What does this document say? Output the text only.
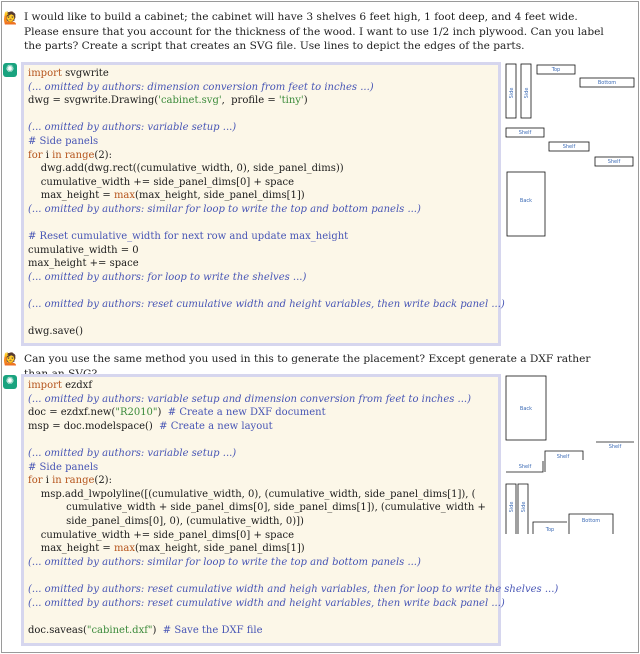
🙋 I would like to build a cabinet; the cabinet will have 3 shelves 6 feet high, 1 foot deep, and 4 feet wide. Please ensure that you account for the thickness of the wood. I want to use 1/2 inch plywood. Can you label the parts? Create a script that creates an SVG file. Use lines to depict the edges of the parts.
✺ import svgwrite
(... omitted by authors: dimension conversion from feet to inches ...)
dwg = svgwrite.Drawing('cabinet.svg',  profile = 'tiny')

(... omitted by authors: variable setup ...)
# Side panels
for i in range(2):
dwg.add(dwg.rect((cumulative_width, 0), side_panel_dims))
cumulative_width += side_panel_dims[0] + space
max_height = max(max_height, side_panel_dims[1])
(... omitted by authors: similar for loop to write the top and bottom panels ...)

# Reset cumulative_width for next row and update max_height
cumulative_width = 0
max_height += space
(... omitted by authors: for loop to write the shelves ...)

(... omitted by authors: reset cumulative width and height variables, then write back panel ...)

dwg.save()
Top
Bottom
Side Side
Shelf
Shelf
Shelf
Back
🙋 Can you use the same method you used in this to generate the placement? Except generate a DXF rather
✺ import ezdxf
(... omitted by authors: variable setup and dimension conversion from feet to inches ...)
doc = ezdxf.new("R2010")  # Create a new DXF document
msp = doc.modelspace()  # Create a new layout

(... omitted by authors: variable setup ...)
# Side panels
for i in range(2):
msp.add_lwpolyline([(cumulative_width, 0), (cumulative_width, side_panel_dims[1]), (
cumulative_width + side_panel_dims[0], side_panel_dims[1]), (cumulative_width +
side_panel_dims[0], 0), (cumulative_width, 0)])
cumulative_width += side_panel_dims[0] + space
max_height = max(max_height, side_panel_dims[1])
(... omitted by authors: similar for loop to write the top and bottom panels ...)

(... omitted by authors: reset cumulative width and heigh variables, then for loop to write the shelves ...)
(... omitted by authors: reset cumulative width and height variables, then write back panel ...)

doc.saveas("cabinet.dxf")  # Save the DXF file
Back
Shelf
Shelf
Shelf
Side Side
Top
Bottom
